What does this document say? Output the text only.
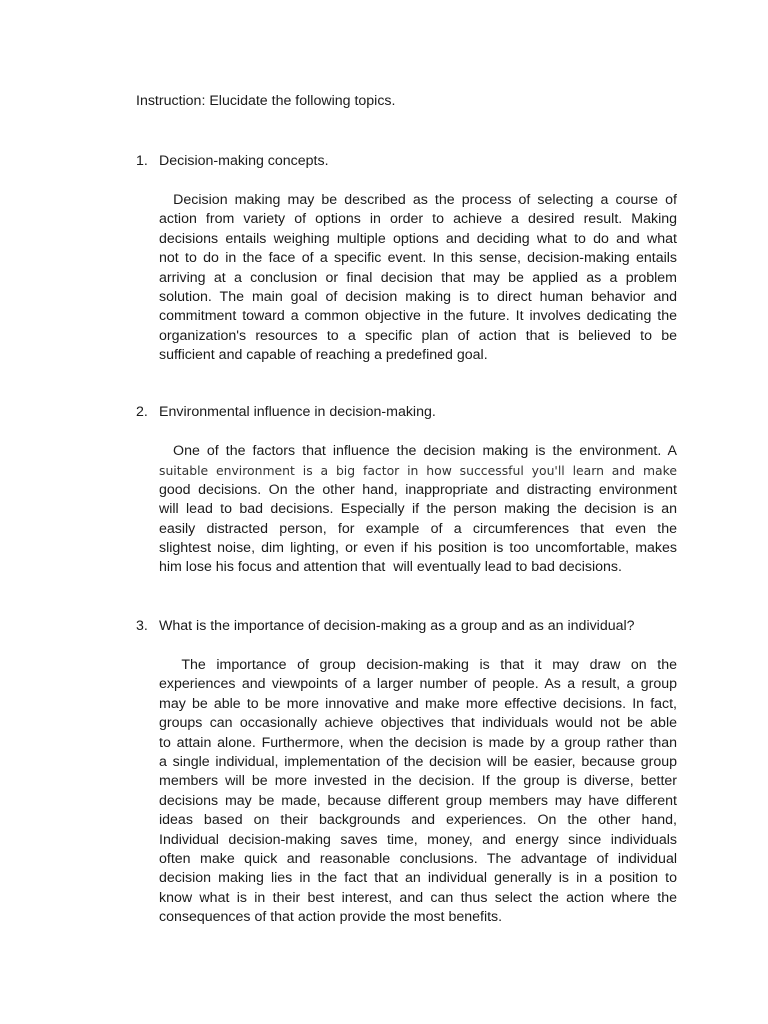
Instruction: Elucidate the following topics.

1. Decision-making concepts.

Decision making may be described as the process of selecting a course of
action from variety of options in order to achieve a desired result. Making
decisions entails weighing multiple options and deciding what to do and what
not to do in the face of a specific event. In this sense, decision-making entails
arriving at a conclusion or final decision that may be applied as a problem
solution. The main goal of decision making is to direct human behavior and
commitment toward a common objective in the future. It involves dedicating the
organization's resources to a specific plan of action that is believed to be
sufficient and capable of reaching a predefined goal.

2. Environmental influence in decision-making.

One of the factors that influence the decision making is the environment. A
suitable environment is a big factor in how successful you'll learn and make
good decisions. On the other hand, inappropriate and distracting environment
will lead to bad decisions. Especially if the person making the decision is an
easily distracted person, for example of a circumferences that even the
slightest noise, dim lighting, or even if his position is too uncomfortable, makes
him lose his focus and attention that  will eventually lead to bad decisions.

3. What is the importance of decision-making as a group and as an individual?

The importance of group decision-making is that it may draw on the
experiences and viewpoints of a larger number of people. As a result, a group
may be able to be more innovative and make more effective decisions. In fact,
groups can occasionally achieve objectives that individuals would not be able
to attain alone. Furthermore, when the decision is made by a group rather than
a single individual, implementation of the decision will be easier, because group
members will be more invested in the decision. If the group is diverse, better
decisions may be made, because different group members may have different
ideas based on their backgrounds and experiences. On the other hand,
Individual decision-making saves time, money, and energy since individuals
often make quick and reasonable conclusions. The advantage of individual
decision making lies in the fact that an individual generally is in a position to
know what is in their best interest, and can thus select the action where the
consequences of that action provide the most benefits.
